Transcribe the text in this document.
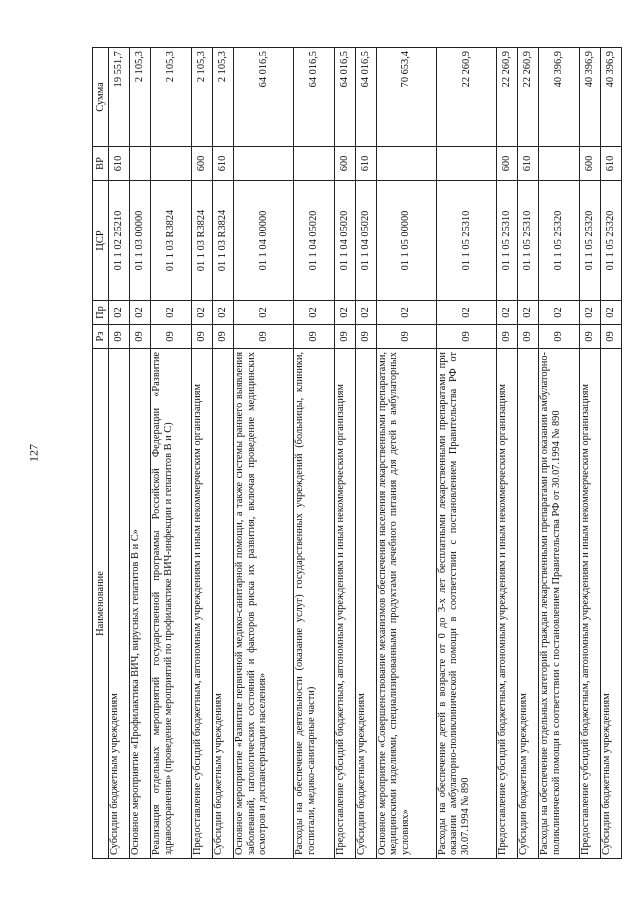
127
Наименование	Рз	Пр	ЦСР	ВР	Сумма
Субсидии бюджетным учреждениям	09	02	01 1 02 25210	610	19 551,7
Основное мероприятие «Профилактика ВИЧ, вирусных гепатитов В и С»	09	02	01 1 03 00000		2 105,3
Реализация отдельных мероприятий государственной программы Российской Федерации «Развитие здравоохранения» (проведение мероприятий по профилактике ВИЧ-инфекции и гепатитов В и С)	09	02	01 1 03 R3824		2 105,3
Предоставление субсидий бюджетным, автономным учреждениям и иным некоммерческим организациям	09	02	01 1 03 R3824	600	2 105,3
Субсидии бюджетным учреждениям	09	02	01 1 03 R3824	610	2 105,3
Основное мероприятие «Развитие первичной медико-санитарной помощи, а также системы раннего выявления заболеваний, патологических состояний и факторов риска их развития, включая проведение медицинских осмотров и диспансеризации населения»	09	02	01 1 04 00000		64 016,5
Расходы на обеспечение деятельности (оказание услуг) государственных учреждений (больницы, клиники, госпитали, медико-санитарные части)	09	02	01 1 04 05020		64 016,5
Предоставление субсидий бюджетным, автономным учреждениям и иным некоммерческим организациям	09	02	01 1 04 05020	600	64 016,5
Субсидии бюджетным учреждениям	09	02	01 1 04 05020	610	64 016,5
Основное мероприятие «Совершенствование механизмов обеспечения населения лекарственными препаратами, медицинскими изделиями, специализированными продуктами лечебного питания для детей в амбулаторных условиях»	09	02	01 1 05 00000		70 653,4
Расходы на обеспечение детей в возрасте от 0 до 3-х лет бесплатными лекарственными препаратами при оказании амбулаторно-поликлинической помощи в соответствии с постановлением Правительства РФ от 30.07.1994 № 890	09	02	01 1 05 25310		22 260,9
Предоставление субсидий бюджетным, автономным учреждениям и иным некоммерческим организациям	09	02	01 1 05 25310	600	22 260,9
Субсидии бюджетным учреждениям	09	02	01 1 05 25310	610	22 260,9
Расходы на обеспечение отдельных категорий граждан лекарственными препаратами при оказании амбулаторно-поликлинической помощи в соответствии с постановлением Правительства РФ от 30.07.1994 № 890	09	02	01 1 05 25320		40 396,9
Предоставление субсидий бюджетным, автономным учреждениям и иным некоммерческим организациям	09	02	01 1 05 25320	600	40 396,9
Субсидии бюджетным учреждениям	09	02	01 1 05 25320	610	40 396,9
